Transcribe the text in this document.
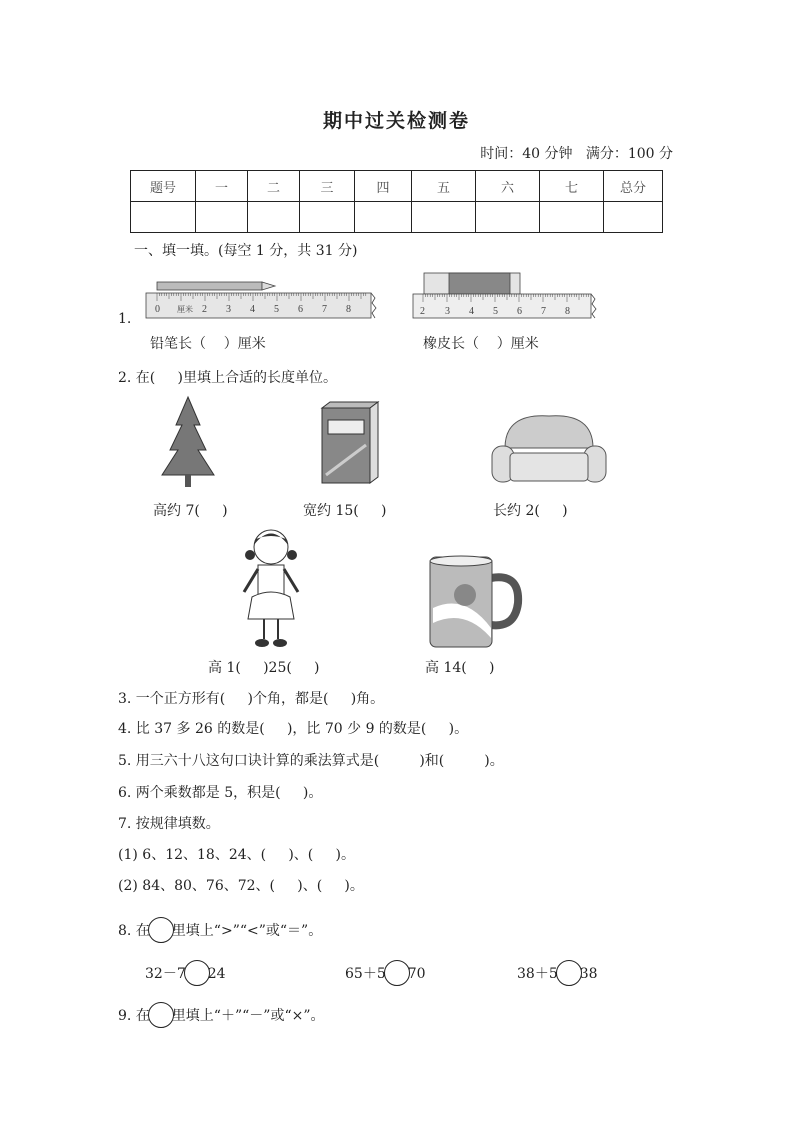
期中过关检测卷
时间：40 分钟   满分：100 分
题号	一	二	三	四	五	六	七	总分

一、填一填。(每空 1 分，共 31 分)
1.
0 厘米 2 3 4 5 6 7 8	2 3 4 5 6 7 8
铅笔长（    ）厘米	橡皮长（    ）厘米
2. 在(     )里填上合适的长度单位。
高约 7(     )	宽约 15(     )	长约 2(     )
高 1(     )25(     )	高 14(     )
3. 一个正方形有(     )个角，都是(     )角。
4. 比 37 多 26 的数是(     )，比 70 少 9 的数是(     )。
5. 用三六十八这句口诀计算的乘法算式是(         )和(         )。
6. 两个乘数都是 5，积是(     )。
7. 按规律填数。
(1) 6、12、18、24、(     )、(     )。
(2) 84、80、76、72、(     )、(     )。
8. 在 里填上“>”“<”或“＝”。
32－7 24	65＋5 70	38＋5 38
9. 在 里填上“＋”“－”或“×”。
